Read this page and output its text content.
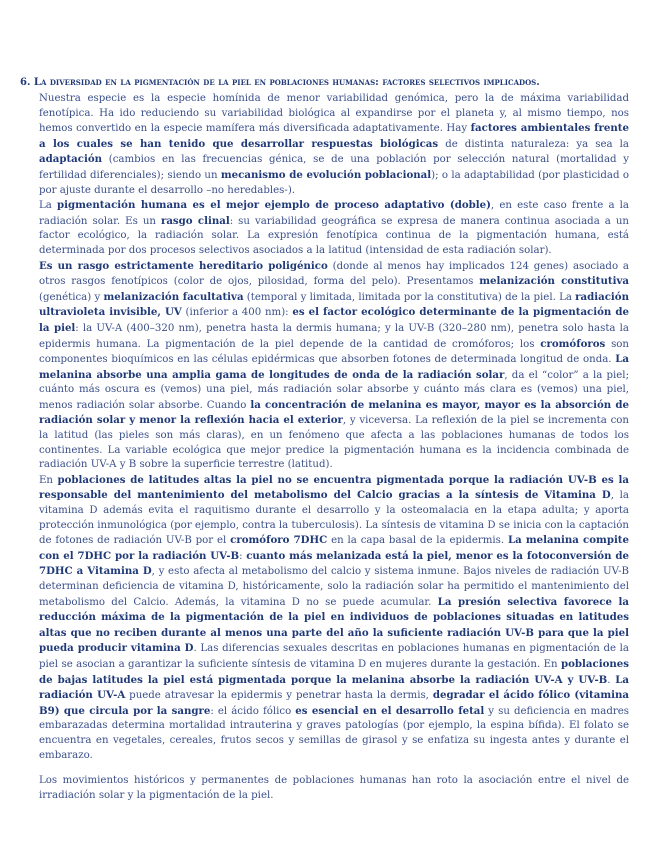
6. La diversidad en la pigmentación de la piel en poblaciones humanas: factores selectivos implicados.

Nuestra especie es la especie homínida de menor variabilidad genómica, pero la de máxima variabilidad fenotípica. Ha ido reduciendo su variabilidad biológica al expandirse por el planeta y, al mismo tiempo, nos hemos convertido en la especie mamífera más diversificada adaptativamente. Hay factores ambientales frente a los cuales se han tenido que desarrollar respuestas biológicas de distinta naturaleza: ya sea la adaptación (cambios en las frecuencias génica, se de una población por selección natural (mortalidad y fertilidad diferenciales); siendo un mecanismo de evolución poblacional); o la adaptabilidad (por plasticidad o por ajuste durante el desarrollo –no heredables-).

La pigmentación humana es el mejor ejemplo de proceso adaptativo (doble), en este caso frente a la radiación solar. Es un rasgo clinal: su variabilidad geográfica se expresa de manera continua asociada a un factor ecológico, la radiación solar. La expresión fenotípica continua de la pigmentación humana, está determinada por dos procesos selectivos asociados a la latitud (intensidad de esta radiación solar).

Es un rasgo estrictamente hereditario poligénico (donde al menos hay implicados 124 genes) asociado a otros rasgos fenotípicos (color de ojos, pilosidad, forma del pelo). Presentamos melanización constitutiva (genética) y melanización facultativa (temporal y limitada, limitada por la constitutiva) de la piel. La radiación ultravioleta invisible, UV (inferior a 400 nm): es el factor ecológico determinante de la pigmentación de la piel: la UV-A (400–320 nm), penetra hasta la dermis humana; y la UV-B (320–280 nm), penetra solo hasta la epidermis humana. La pigmentación de la piel depende de la cantidad de cromóforos; los cromóforos son componentes bioquímicos en las células epidérmicas que absorben fotones de determinada longitud de onda. La melanina absorbe una amplia gama de longitudes de onda de la radiación solar, da el “color” a la piel; cuánto más oscura es (vemos) una piel, más radiación solar absorbe y cuánto más clara es (vemos) una piel, menos radiación solar absorbe. Cuando la concentración de melanina es mayor, mayor es la absorción de radiación solar y menor la reflexión hacia el exterior, y viceversa. La reflexión de la piel se incrementa con la latitud (las pieles son más claras), en un fenómeno que afecta a las poblaciones humanas de todos los continentes. La variable ecológica que mejor predice la pigmentación humana es la incidencia combinada de radiación UV-A y B sobre la superficie terrestre (latitud).

En poblaciones de latitudes altas la piel no se encuentra pigmentada porque la radiación UV-B es la responsable del mantenimiento del metabolismo del Calcio gracias a la síntesis de Vitamina D, la vitamina D además evita el raquitismo durante el desarrollo y la osteomalacia en la etapa adulta; y aporta protección inmunológica (por ejemplo, contra la tuberculosis). La síntesis de vitamina D se inicia con la captación de fotones de radiación UV-B por el cromóforo 7DHC en la capa basal de la epidermis. La melanina compite con el 7DHC por la radiación UV-B: cuanto más melanizada está la piel, menor es la fotoconversión de 7DHC a Vitamina D, y esto afecta al metabolismo del calcio y sistema inmune. Bajos niveles de radiación UV-B determinan deficiencia de vitamina D, históricamente, solo la radiación solar ha permitido el mantenimiento del metabolismo del Calcio. Además, la vitamina D no se puede acumular. La presión selectiva favorece la reducción máxima de la pigmentación de la piel en individuos de poblaciones situadas en latitudes altas que no reciben durante al menos una parte del año la suficiente radiación UV-B para que la piel pueda producir vitamina D. Las diferencias sexuales descritas en poblaciones humanas en pigmentación de la piel se asocian a garantizar la suficiente síntesis de vitamina D en mujeres durante la gestación. En poblaciones de bajas latitudes la piel está pigmentada porque la melanina absorbe la radiación UV-A y UV-B. La radiación UV-A puede atravesar la epidermis y penetrar hasta la dermis, degradar el ácido fólico (vitamina B9) que circula por la sangre: el ácido fólico es esencial en el desarrollo fetal y su deficiencia en madres embarazadas determina mortalidad intrauterina y graves patologías (por ejemplo, la espina bífida). El folato se encuentra en vegetales, cereales, frutos secos y semillas de girasol y se enfatiza su ingesta antes y durante el embarazo.

Los movimientos históricos y permanentes de poblaciones humanas han roto la asociación entre el nivel de irradiación solar y la pigmentación de la piel.
